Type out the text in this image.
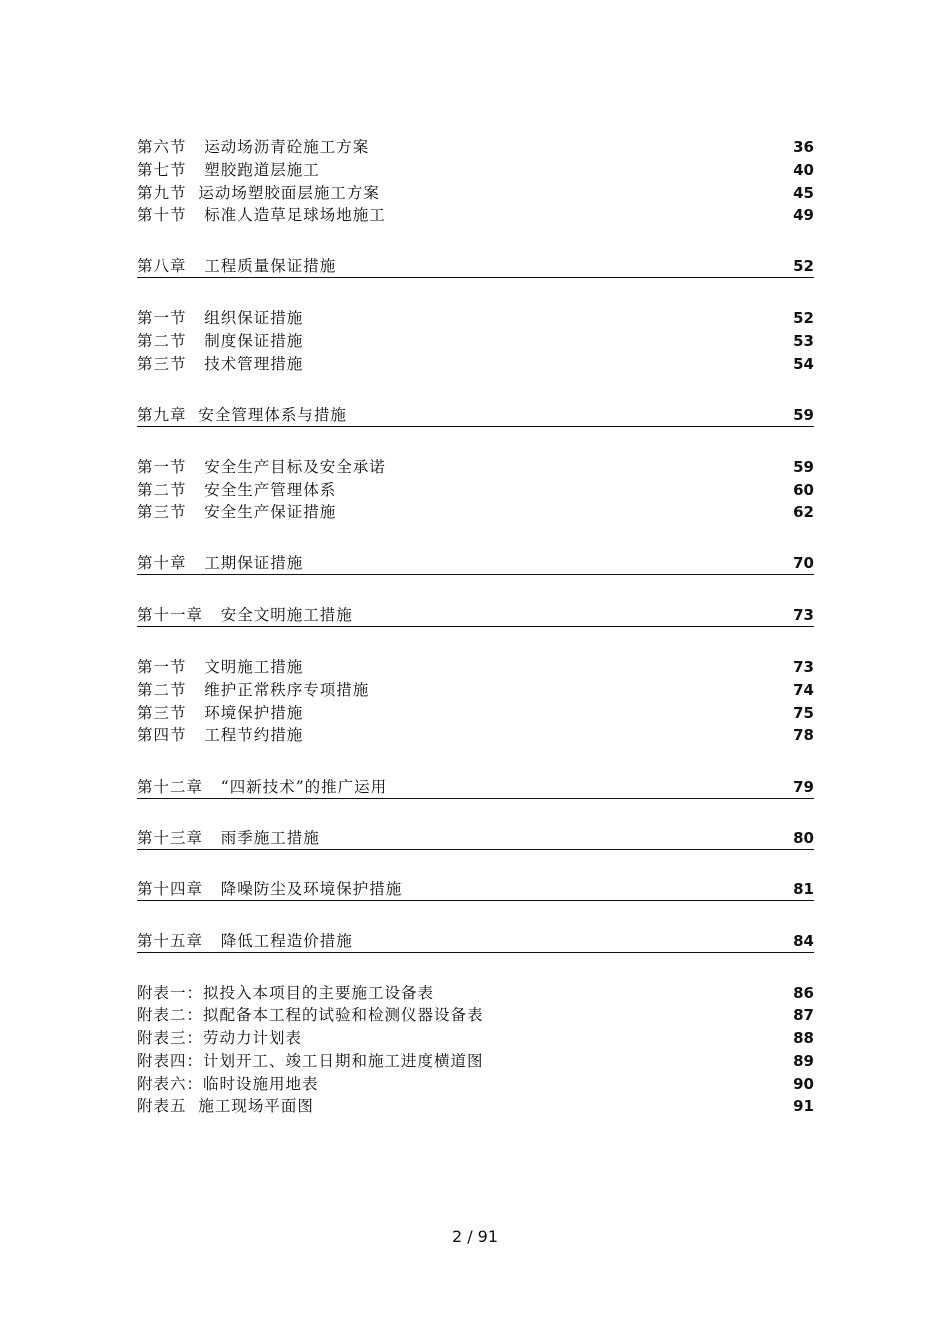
第六节   运动场沥青砼施工方案	36
第七节   塑胶跑道层施工	40
第九节  运动场塑胶面层施工方案	45
第十节   标准人造草足球场地施工	49
第八章   工程质量保证措施	52
第一节   组织保证措施	52
第二节   制度保证措施	53
第三节   技术管理措施	54
第九章  安全管理体系与措施	59
第一节   安全生产目标及安全承诺	59
第二节   安全生产管理体系	60
第三节   安全生产保证措施	62
第十章   工期保证措施	70
第十一章   安全文明施工措施	73
第一节   文明施工措施	73
第二节   维护正常秩序专项措施	74
第三节   环境保护措施	75
第四节   工程节约措施	78
第十二章   “四新技术”的推广运用	79
第十三章   雨季施工措施	80
第十四章   降噪防尘及环境保护措施	81
第十五章   降低工程造价措施	84
附表一：拟投入本项目的主要施工设备表	86
附表二：拟配备本工程的试验和检测仪器设备表	87
附表三：劳动力计划表	88
附表四：计划开工、竣工日期和施工进度横道图	89
附表六：临时设施用地表	90
附表五  施工现场平面图	91
2 / 91
